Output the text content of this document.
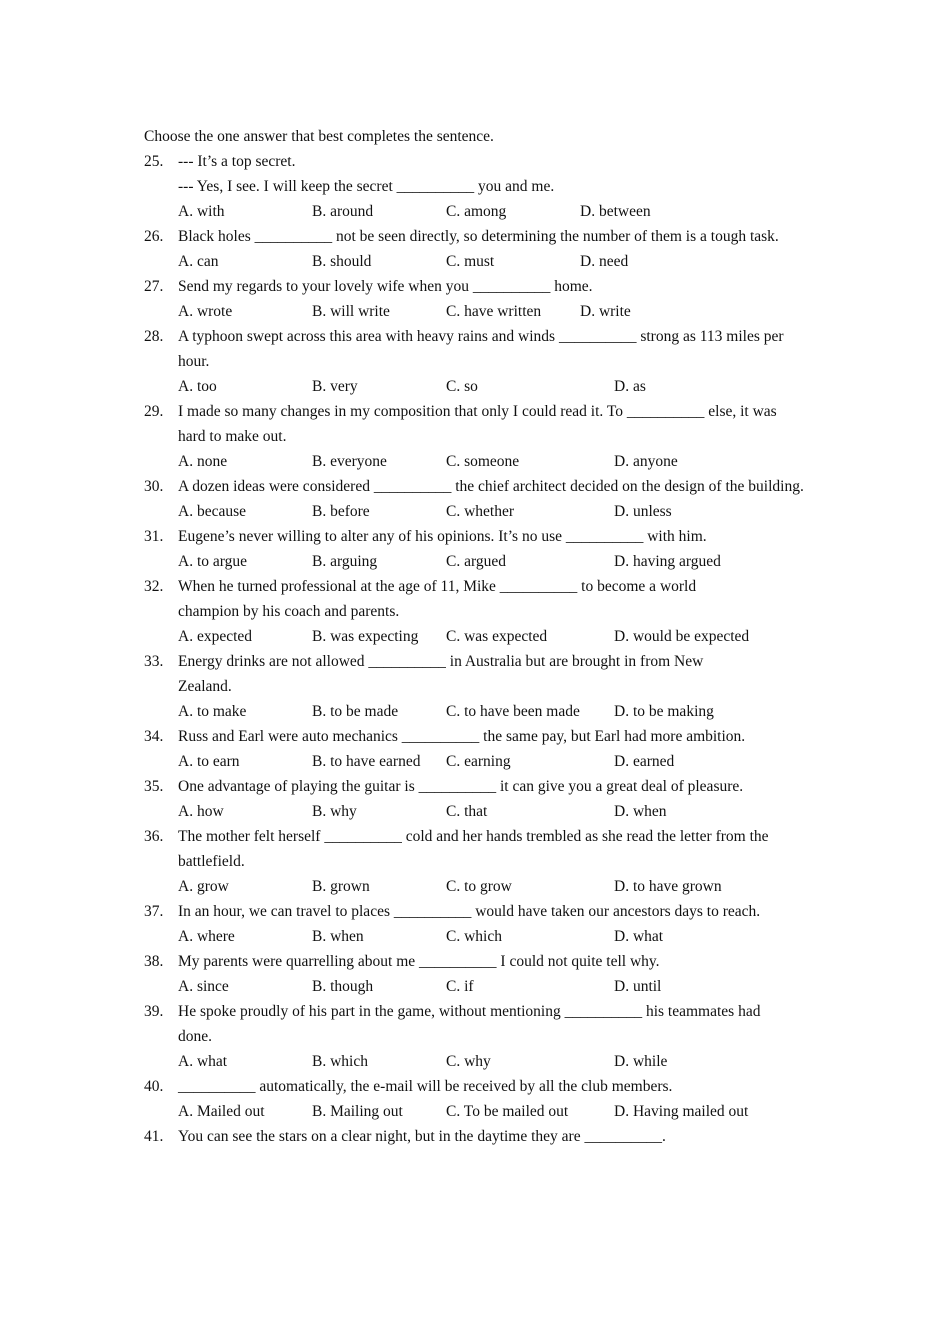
Choose the one answer that best completes the sentence.
25. --- It’s a top secret.
--- Yes, I see. I will keep the secret __________ you and me.
A. with	B. around	C. among	D. between
26. Black holes __________ not be seen directly, so determining the number of them is a tough task.
A. can	B. should	C. must	D. need
27. Send my regards to your lovely wife when you __________ home.
A. wrote	B. will write	C. have written	D. write
28. A typhoon swept across this area with heavy rains and winds __________ strong as 113 miles per hour.
A. too	B. very	C. so	D. as
29. I made so many changes in my composition that only I could read it. To __________ else, it was hard to make out.
A. none	B. everyone	C. someone	D. anyone
30. A dozen ideas were considered __________ the chief architect decided on the design of the building.
A. because	B. before	C. whether	D. unless
31. Eugene’s never willing to alter any of his opinions. It’s no use __________ with him.
A. to argue	B. arguing	C. argued	D. having argued
32. When he turned professional at the age of 11, Mike __________ to become a world champion by his coach and parents.
A. expected	B. was expecting	C. was expected	D. would be expected
33. Energy drinks are not allowed __________ in Australia but are brought in from New Zealand.
A. to make	B. to be made	C. to have been made	D. to be making
34. Russ and Earl were auto mechanics __________ the same pay, but Earl had more ambition.
A. to earn	B. to have earned	C. earning	D. earned
35. One advantage of playing the guitar is __________ it can give you a great deal of pleasure.
A. how	B. why	C. that	D. when
36. The mother felt herself __________ cold and her hands trembled as she read the letter from the battlefield.
A. grow	B. grown	C. to grow	D. to have grown
37. In an hour, we can travel to places __________ would have taken our ancestors days to reach.
A. where	B. when	C. which	D. what
38. My parents were quarrelling about me __________ I could not quite tell why.
A. since	B. though	C. if	D. until
39. He spoke proudly of his part in the game, without mentioning __________ his teammates had done.
A. what	B. which	C. why	D. while
40. __________ automatically, the e-mail will be received by all the club members.
A. Mailed out	B. Mailing out	C. To be mailed out	D. Having mailed out
41. You can see the stars on a clear night, but in the daytime they are __________.
